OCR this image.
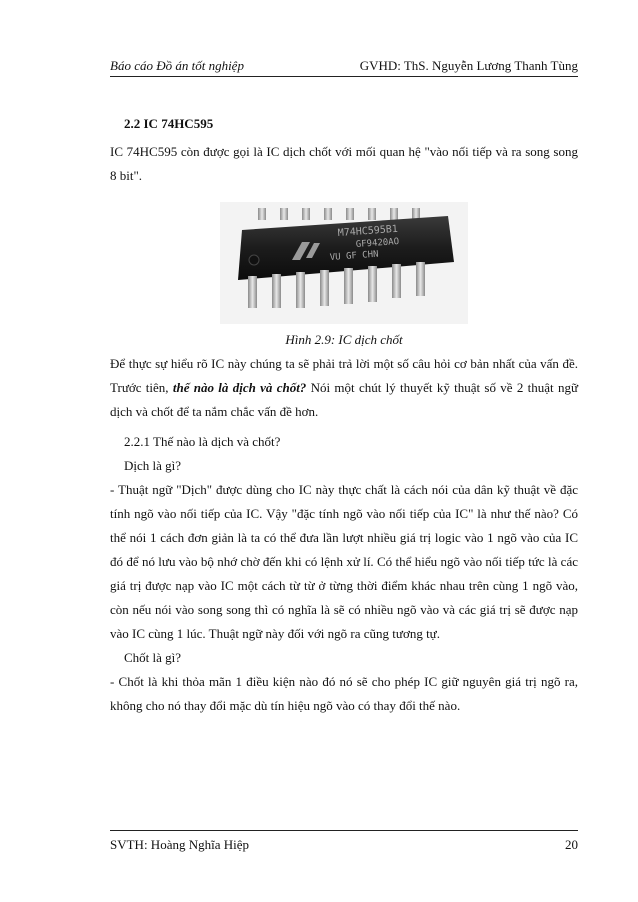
Báo cáo Đồ án tốt nghiệp	GVHD: ThS. Nguyễn Lương Thanh Tùng

2.2 IC 74HC595

IC 74HC595 còn được gọi là IC dịch chốt với mối quan hệ "vào nối tiếp và ra song song 8 bit".

M74HC595B1
GF9420AO
VU GF CHN

Hình 2.9: IC dịch chốt

Để thực sự hiểu rõ IC này chúng ta sẽ phải trả lời một số câu hỏi cơ bản nhất của vấn đề. Trước tiên, thế nào là dịch và chốt? Nói một chút lý thuyết kỹ thuật số về 2 thuật ngữ dịch và chốt để ta nắm chắc vấn đề hơn.

2.2.1 Thế nào là dịch và chốt?

Dịch là gì?

- Thuật ngữ "Dịch" được dùng cho IC này thực chất là cách nói của dân kỹ thuật về đặc tính ngõ vào nối tiếp của IC. Vậy "đặc tính ngõ vào nối tiếp của IC" là như thế nào? Có thể nói 1 cách đơn giản là ta có thể đưa lần lượt nhiều giá trị logic vào 1 ngõ vào của IC đó để nó lưu vào bộ nhớ chờ đến khi có lệnh xử lí. Có thể hiểu ngõ vào nối tiếp tức là các giá trị được nạp vào IC một cách từ từ ở từng thời điểm khác nhau trên cùng 1 ngõ vào, còn nếu nói vào song song thì có nghĩa là sẽ có nhiều ngõ vào và các giá trị sẽ được nạp vào IC cùng 1 lúc. Thuật ngữ này đối với ngõ ra cũng tương tự.

Chốt là gì?

- Chốt là khi thỏa mãn 1 điều kiện nào đó nó sẽ cho phép IC giữ nguyên giá trị ngõ ra, không cho nó thay đổi mặc dù tín hiệu ngõ vào có thay đổi thế nào.

SVTH: Hoàng Nghĩa Hiệp	20
